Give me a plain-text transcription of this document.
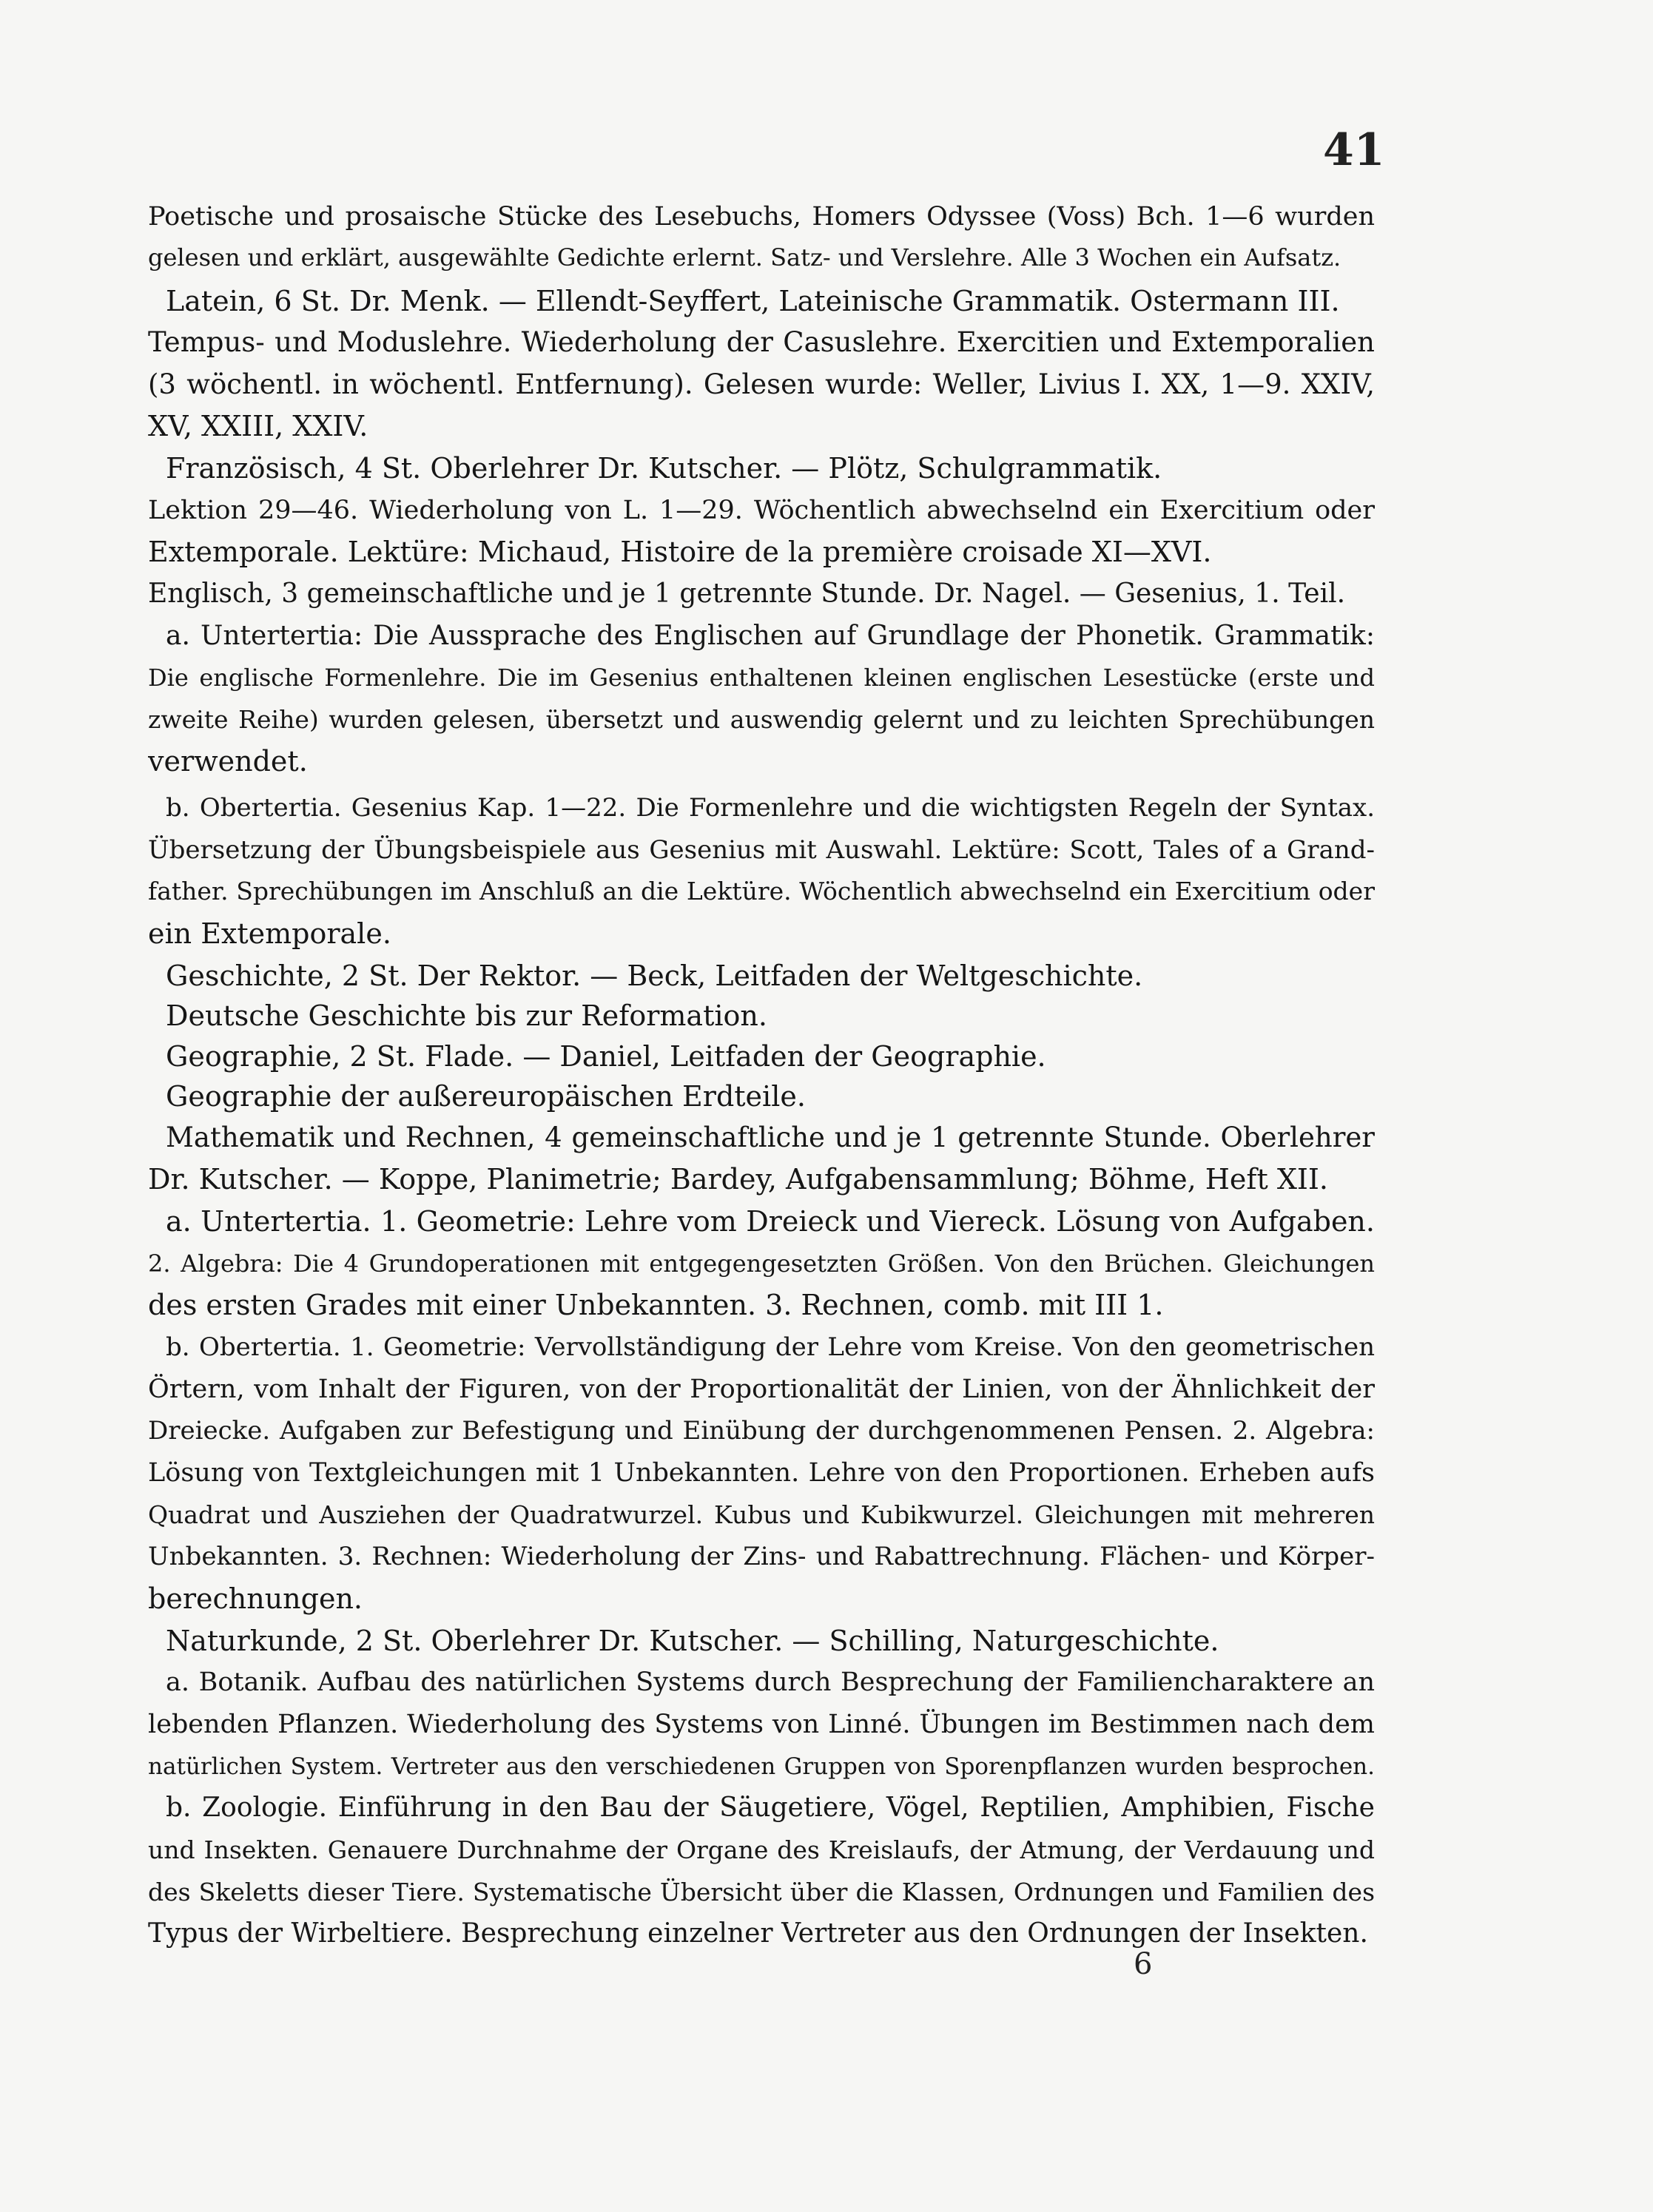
41
Poetische und prosaische Stücke des Lesebuchs, Homers Odyssee (Voss) Bch. 1—6 wurden
gelesen und erklärt, ausgewählte Gedichte erlernt. Satz- und Verslehre. Alle 3 Wochen ein Aufsatz.
Latein, 6 St. Dr. Menk. — Ellendt-Seyffert, Lateinische Grammatik. Ostermann III.
Tempus- und Moduslehre. Wiederholung der Casuslehre. Exercitien und Extemporalien
(3 wöchentl. in wöchentl. Entfernung). Gelesen wurde: Weller, Livius I. XX, 1—9. XXIV,
XV, XXIII, XXIV.
Französisch, 4 St. Oberlehrer Dr. Kutscher. — Plötz, Schulgrammatik.
Lektion 29—46. Wiederholung von L. 1—29. Wöchentlich abwechselnd ein Exercitium oder
Extemporale. Lektüre: Michaud, Histoire de la première croisade XI—XVI.
Englisch, 3 gemeinschaftliche und je 1 getrennte Stunde. Dr. Nagel. — Gesenius, 1. Teil.
a. Untertertia: Die Aussprache des Englischen auf Grundlage der Phonetik. Grammatik:
Die englische Formenlehre. Die im Gesenius enthaltenen kleinen englischen Lesestücke (erste und
zweite Reihe) wurden gelesen, übersetzt und auswendig gelernt und zu leichten Sprechübungen
verwendet.
b. Obertertia. Gesenius Kap. 1—22. Die Formenlehre und die wichtigsten Regeln der Syntax.
Übersetzung der Übungsbeispiele aus Gesenius mit Auswahl. Lektüre: Scott, Tales of a Grand-
father. Sprechübungen im Anschluß an die Lektüre. Wöchentlich abwechselnd ein Exercitium oder
ein Extemporale.
Geschichte, 2 St. Der Rektor. — Beck, Leitfaden der Weltgeschichte.
Deutsche Geschichte bis zur Reformation.
Geographie, 2 St. Flade. — Daniel, Leitfaden der Geographie.
Geographie der außereuropäischen Erdteile.
Mathematik und Rechnen, 4 gemeinschaftliche und je 1 getrennte Stunde. Oberlehrer
Dr. Kutscher. — Koppe, Planimetrie; Bardey, Aufgabensammlung; Böhme, Heft XII.
a. Untertertia. 1. Geometrie: Lehre vom Dreieck und Viereck. Lösung von Aufgaben.
2. Algebra: Die 4 Grundoperationen mit entgegengesetzten Größen. Von den Brüchen. Gleichungen
des ersten Grades mit einer Unbekannten. 3. Rechnen, comb. mit III 1.
b. Obertertia. 1. Geometrie: Vervollständigung der Lehre vom Kreise. Von den geometrischen
Örtern, vom Inhalt der Figuren, von der Proportionalität der Linien, von der Ähnlichkeit der
Dreiecke. Aufgaben zur Befestigung und Einübung der durchgenommenen Pensen. 2. Algebra:
Lösung von Textgleichungen mit 1 Unbekannten. Lehre von den Proportionen. Erheben aufs
Quadrat und Ausziehen der Quadratwurzel. Kubus und Kubikwurzel. Gleichungen mit mehreren
Unbekannten. 3. Rechnen: Wiederholung der Zins- und Rabattrechnung. Flächen- und Körper-
berechnungen.
Naturkunde, 2 St. Oberlehrer Dr. Kutscher. — Schilling, Naturgeschichte.
a. Botanik. Aufbau des natürlichen Systems durch Besprechung der Familiencharaktere an
lebenden Pflanzen. Wiederholung des Systems von Linné. Übungen im Bestimmen nach dem
natürlichen System. Vertreter aus den verschiedenen Gruppen von Sporenpflanzen wurden besprochen.
b. Zoologie. Einführung in den Bau der Säugetiere, Vögel, Reptilien, Amphibien, Fische
und Insekten. Genauere Durchnahme der Organe des Kreislaufs, der Atmung, der Verdauung und
des Skeletts dieser Tiere. Systematische Übersicht über die Klassen, Ordnungen und Familien des
Typus der Wirbeltiere. Besprechung einzelner Vertreter aus den Ordnungen der Insekten.
6
